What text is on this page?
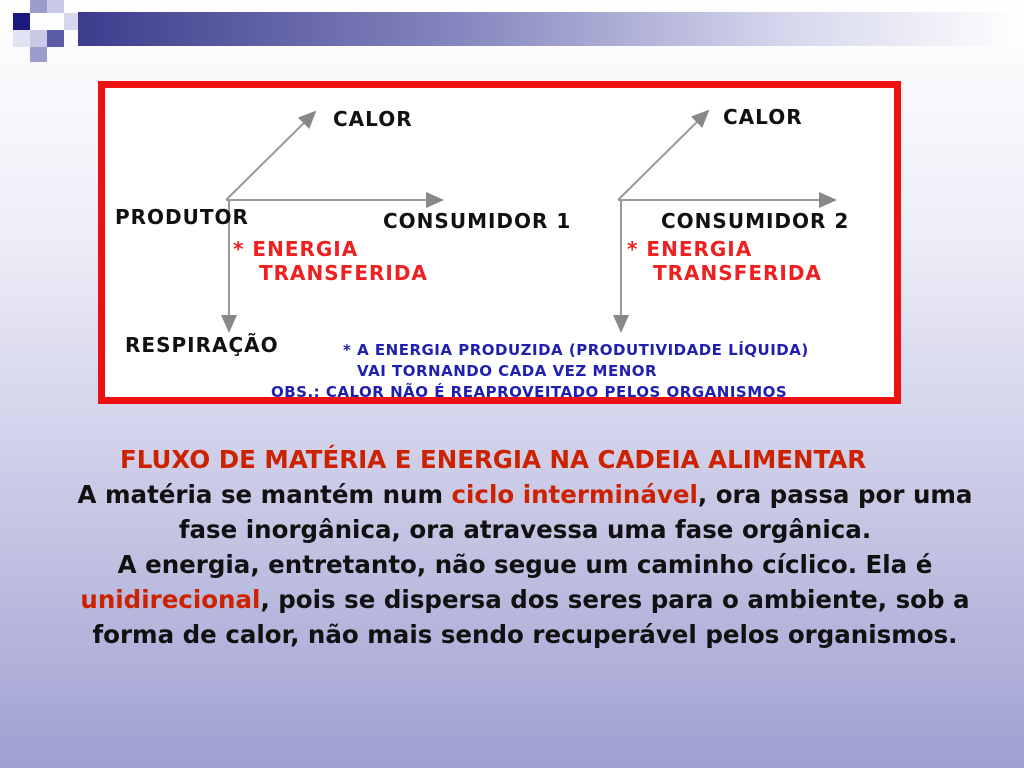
CALOR	CALOR
PRODUTOR	CONSUMIDOR 1	CONSUMIDOR 2
* ENERGIA
TRANSFERIDA
* ENERGIA
TRANSFERIDA
RESPIRAÇÃO	* A ENERGIA PRODUZIDA (PRODUTIVIDADE LÍQUIDA)
VAI TORNANDO CADA VEZ MENOR
OBS.: CALOR NÃO É REAPROVEITADO PELOS ORGANISMOS
FLUXO DE MATÉRIA E ENERGIA NA CADEIA ALIMENTAR
A matéria se mantém num ciclo interminável, ora passa por uma fase inorgânica, ora atravessa uma fase orgânica.
A energia, entretanto, não segue um caminho cíclico. Ela é unidirecional, pois se dispersa dos seres para o ambiente, sob a forma de calor, não mais sendo recuperável pelos organismos.
